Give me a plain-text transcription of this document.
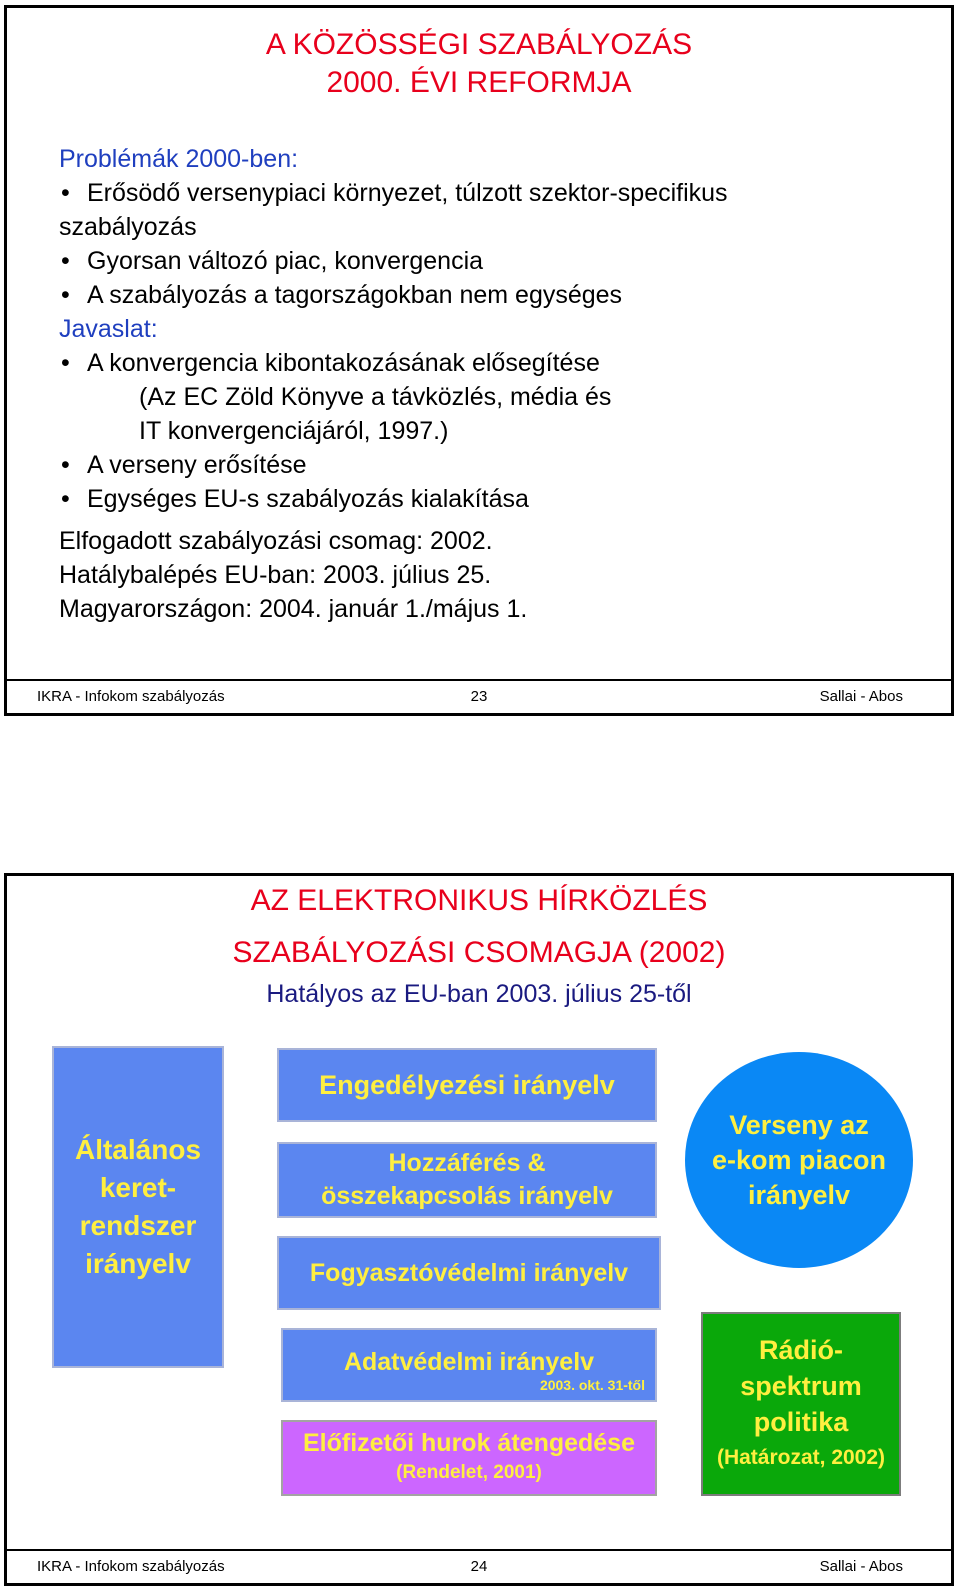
A KÖZÖSSÉGI SZABÁLYOZÁS
2000. ÉVI REFORMJA
Problémák 2000-ben:
• Erősödő versenypiaci környezet, túlzott szektor-specifikus
szabályozás
• Gyorsan változó piac, konvergencia
• A szabályozás a tagországokban nem egységes
Javaslat:
• A konvergencia kibontakozásának elősegítése
(Az EC Zöld Könyve a távközlés, média és
IT konvergenciájáról, 1997.)
• A verseny erősítése
• Egységes EU-s szabályozás kialakítása
Elfogadott szabályozási csomag: 2002.
Hatálybalépés EU-ban: 2003. július 25.
Magyarországon: 2004. január 1./május 1.
IKRA - Infokom szabályozás	23	Sallai - Abos
AZ ELEKTRONIKUS HÍRKÖZLÉS
SZABÁLYOZÁSI CSOMAGJA (2002)
Hatályos az EU-ban 2003. július 25-től
Általános
keret-
rendszer
irányelv
Engedélyezési irányelv
Hozzáférés &
összekapcsolás irányelv
Fogyasztóvédelmi irányelv
Adatvédelmi irányelv
2003. okt. 31-től
Előfizetői hurok átengedése
(Rendelet, 2001)
Verseny az
e-kom piacon
irányelv
Rádió-
spektrum
politika
(Határozat, 2002)
IKRA - Infokom szabályozás	24	Sallai - Abos
